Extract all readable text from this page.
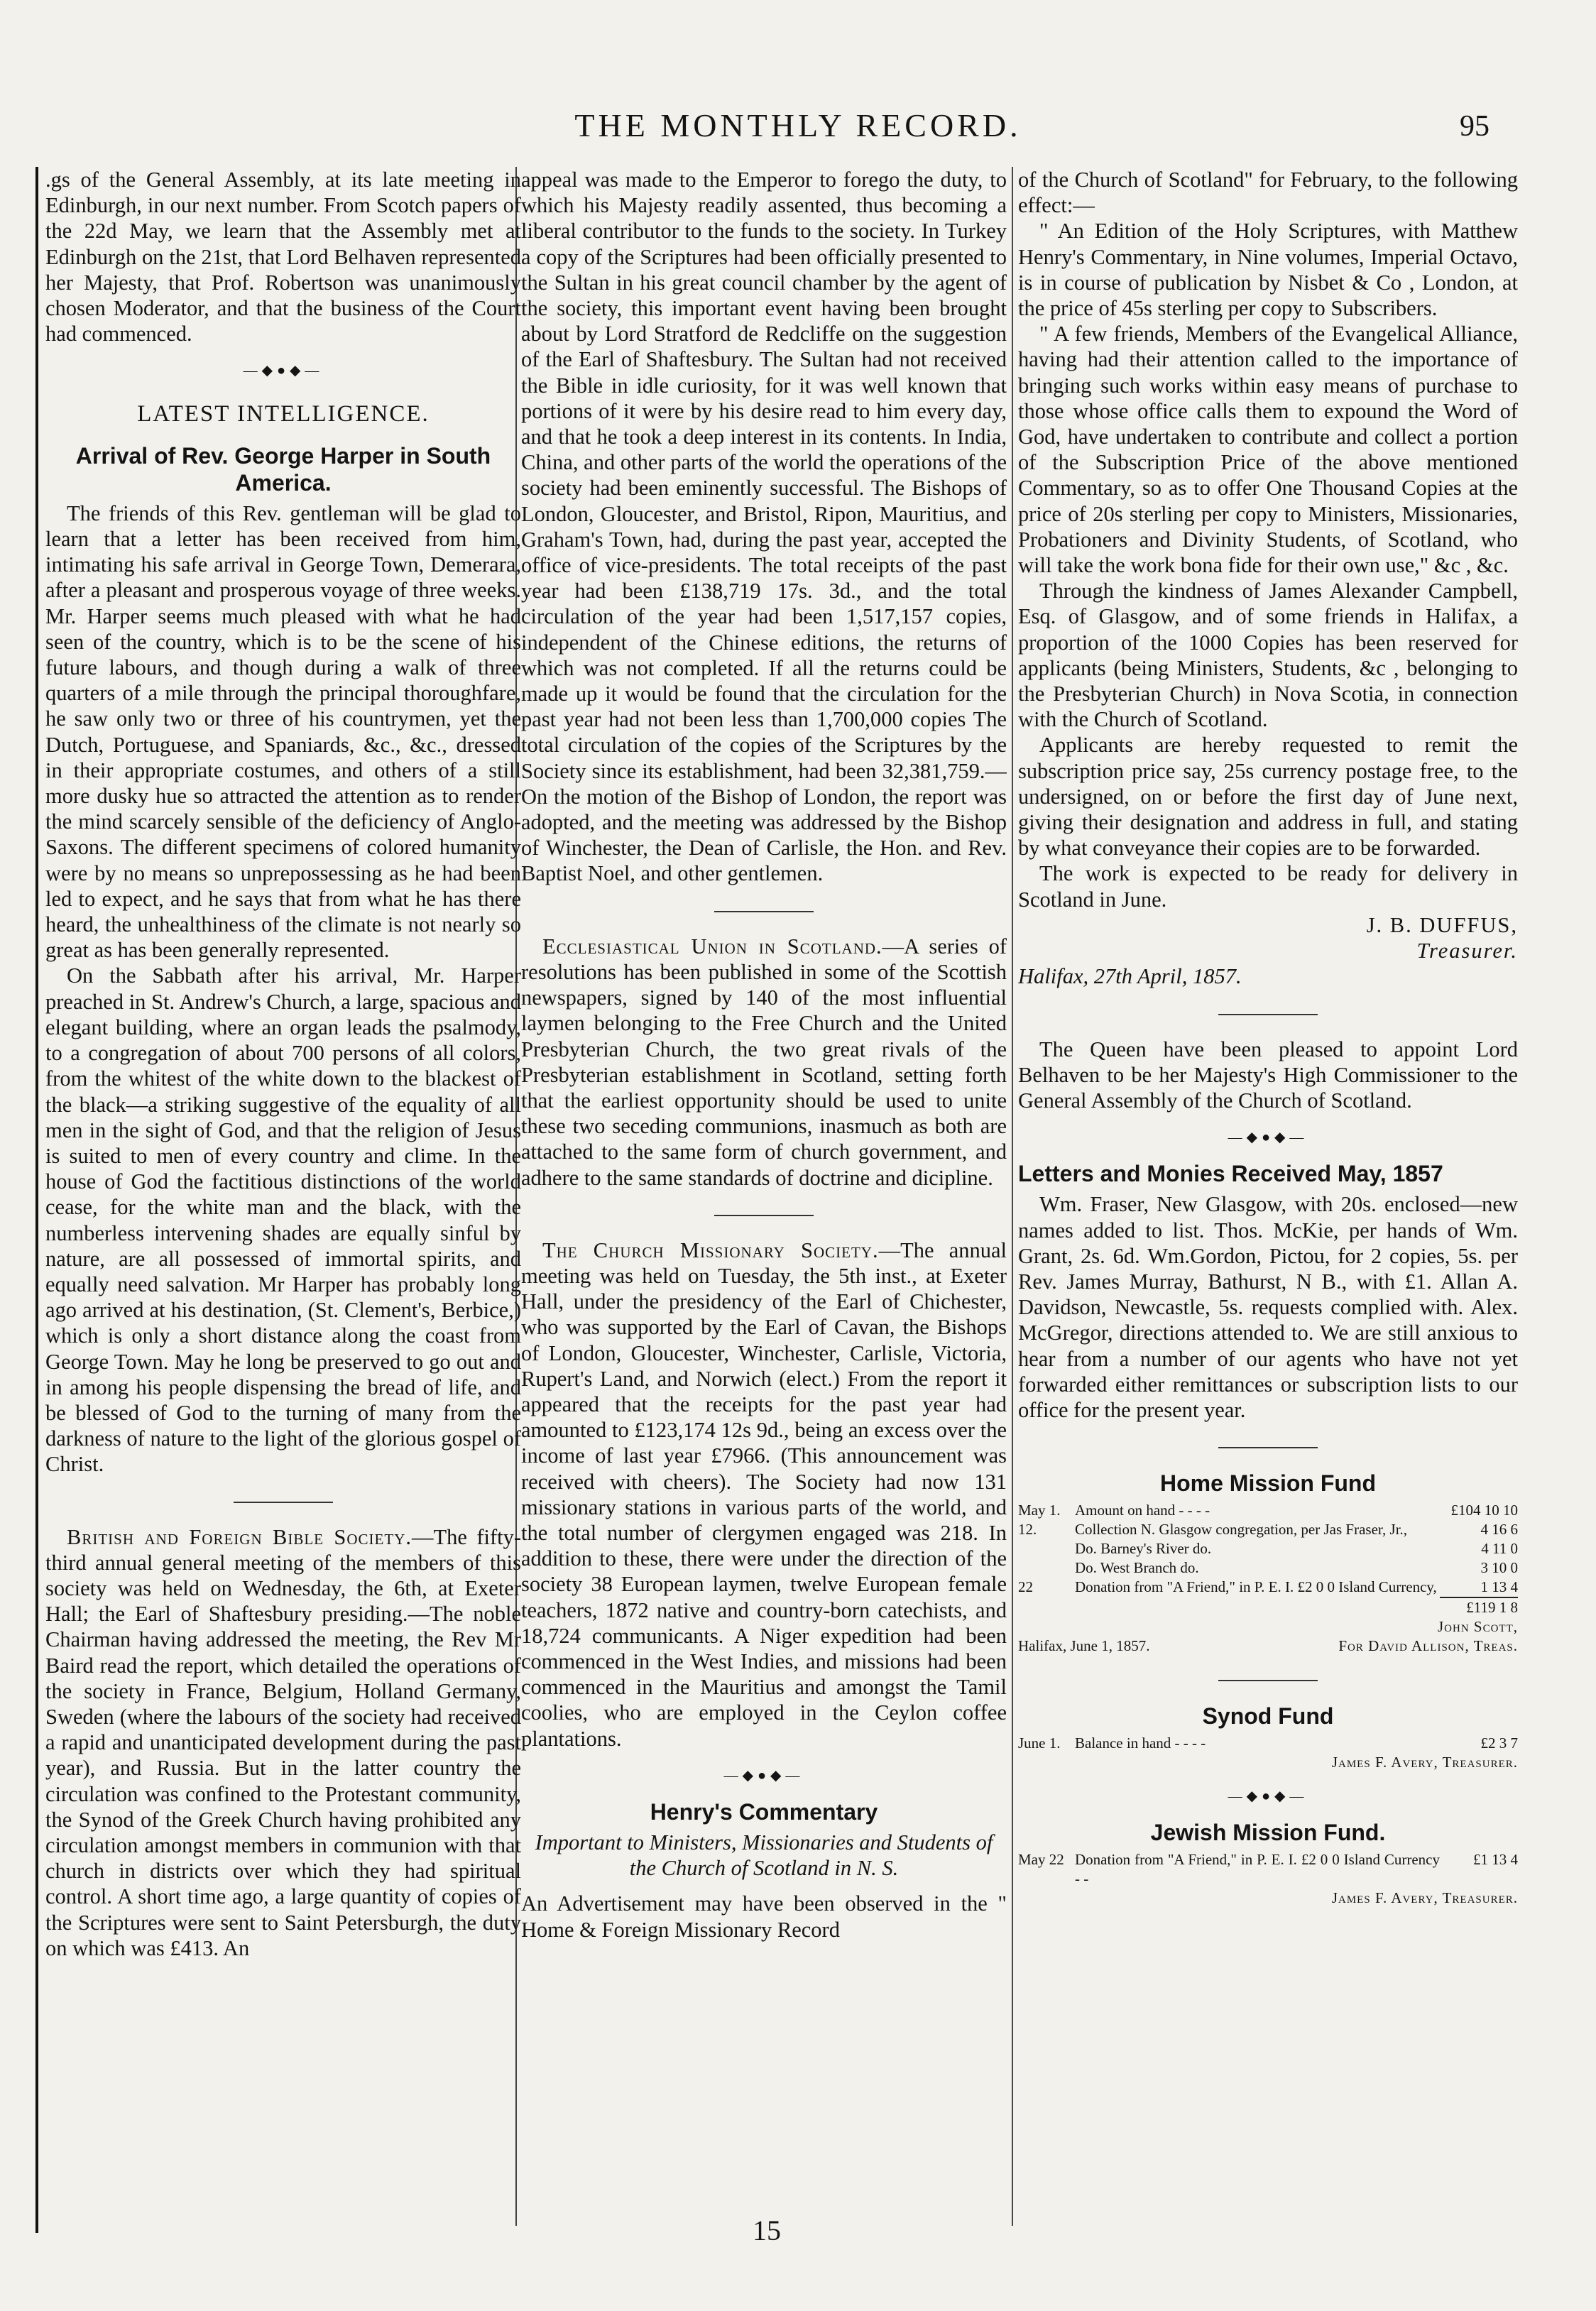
THE MONTHLY RECORD.	95

.gs of the General Assembly, at its late meeting in Edinburgh, in our next number. From Scotch papers of the 22d May, we learn that the Assembly met at Edinburgh on the 21st, that Lord Belhaven represented her Majesty, that Prof. Robertson was unanimously chosen Moderator, and that the business of the Court had commenced.

—◆●◆—
LATEST INTELLIGENCE.
Arrival of Rev. George Harper in South America.

The friends of this Rev. gentleman will be glad to learn that a letter has been received from him, intimating his safe arrival in George Town, Demerara, after a pleasant and prosperous voyage of three weeks. Mr. Harper seems much pleased with what he had seen of the country, which is to be the scene of his future labours, and though during a walk of three quarters of a mile through the principal thoroughfare, he saw only two or three of his countrymen, yet the Dutch, Portuguese, and Spaniards, &c., &c., dressed in their appropriate costumes, and others of a still more dusky hue so attracted the attention as to render the mind scarcely sensible of the deficiency of Anglo-Saxons. The different specimens of colored humanity were by no means so unprepossessing as he had been led to expect, and he says that from what he has there heard, the unhealthiness of the climate is not nearly so great as has been generally represented.

On the Sabbath after his arrival, Mr. Harper preached in St. Andrew's Church, a large, spacious and elegant building, where an organ leads the psalmody, to a congregation of about 700 persons of all colors, from the whitest of the white down to the blackest of the black—a striking suggestive of the equality of all men in the sight of God, and that the religion of Jesus is suited to men of every country and clime. In the house of God the factitious distinctions of the world cease, for the white man and the black, with the numberless intervening shades are equally sinful by nature, are all possessed of immortal spirits, and equally need salvation. Mr Harper has probably long ago arrived at his destination, (St. Clement's, Berbice,) which is only a short distance along the coast from George Town. May he long be preserved to go out and in among his people dispensing the bread of life, and be blessed of God to the turning of many from the darkness of nature to the light of the glorious gospel of Christ.

British and Foreign Bible Society.—The fifty-third annual general meeting of the members of this society was held on Wednesday, the 6th, at Exeter Hall; the Earl of Shaftesbury presiding.—The noble Chairman having addressed the meeting, the Rev Mr Baird read the report, which detailed the operations of the society in France, Belgium, Holland Germany, Sweden (where the labours of the society had received a rapid and unanticipated development during the past year), and Russia. But in the latter country the circulation was confined to the Protestant community, the Synod of the Greek Church having prohibited any circulation amongst members in communion with that church in districts over which they had spiritual control. A short time ago, a large quantity of copies of the Scriptures were sent to Saint Petersburgh, the duty on which was £413. An

appeal was made to the Emperor to forego the duty, to which his Majesty readily assented, thus becoming a liberal contributor to the funds to the society. In Turkey a copy of the Scriptures had been officially presented to the Sultan in his great council chamber by the agent of the society, this important event having been brought about by Lord Stratford de Redcliffe on the suggestion of the Earl of Shaftesbury. The Sultan had not received the Bible in idle curiosity, for it was well known that portions of it were by his desire read to him every day, and that he took a deep interest in its contents. In India, China, and other parts of the world the operations of the society had been eminently successful. The Bishops of London, Gloucester, and Bristol, Ripon, Mauritius, and Graham's Town, had, during the past year, accepted the office of vice-presidents. The total receipts of the past year had been £138,719 17s. 3d., and the total circulation of the year had been 1,517,157 copies, independent of the Chinese editions, the returns of which was not completed. If all the returns could be made up it would be found that the circulation for the past year had not been less than 1,700,000 copies The total circulation of the copies of the Scriptures by the Society since its establishment, had been 32,381,759.—On the motion of the Bishop of London, the report was adopted, and the meeting was addressed by the Bishop of Winchester, the Dean of Carlisle, the Hon. and Rev. Baptist Noel, and other gentlemen.

Ecclesiastical Union in Scotland.—A series of resolutions has been published in some of the Scottish newspapers, signed by 140 of the most influential laymen belonging to the Free Church and the United Presbyterian Church, the two great rivals of the Presbyterian establishment in Scotland, setting forth that the earliest opportunity should be used to unite these two seceding communions, inasmuch as both are attached to the same form of church government, and adhere to the same standards of doctrine and dicipline.

The Church Missionary Society.—The annual meeting was held on Tuesday, the 5th inst., at Exeter Hall, under the presidency of the Earl of Chichester, who was supported by the Earl of Cavan, the Bishops of London, Gloucester, Winchester, Carlisle, Victoria, Rupert's Land, and Norwich (elect.) From the report it appeared that the receipts for the past year had amounted to £123,174 12s 9d., being an excess over the income of last year £7966. (This announcement was received with cheers). The Society had now 131 missionary stations in various parts of the world, and the total number of clergymen engaged was 218. In addition to these, there were under the direction of the society 38 European laymen, twelve European female teachers, 1872 native and country-born catechists, and 18,724 communicants. A Niger expedition had been commenced in the West Indies, and missions had been commenced in the Mauritius and amongst the Tamil coolies, who are employed in the Ceylon coffee plantations.

—◆●◆—
Henry's Commentary

Important to Ministers, Missionaries and Students of the Church of Scotland in N. S.

An Advertisement may have been observed in the " Home & Foreign Missionary Record

of the Church of Scotland" for February, to the following effect:—

" An Edition of the Holy Scriptures, with Matthew Henry's Commentary, in Nine volumes, Imperial Octavo, is in course of publication by Nisbet & Co , London, at the price of 45s sterling per copy to Subscribers.

" A few friends, Members of the Evangelical Alliance, having had their attention called to the importance of bringing such works within easy means of purchase to those whose office calls them to expound the Word of God, have undertaken to contribute and collect a portion of the Subscription Price of the above mentioned Commentary, so as to offer One Thousand Copies at the price of 20s sterling per copy to Ministers, Missionaries, Probationers and Divinity Students, of Scotland, who will take the work bona fide for their own use," &c , &c.

Through the kindness of James Alexander Campbell, Esq. of Glasgow, and of some friends in Halifax, a proportion of the 1000 Copies has been reserved for applicants (being Ministers, Students, &c , belonging to the Presbyterian Church) in Nova Scotia, in connection with the Church of Scotland.

Applicants are hereby requested to remit the subscription price say, 25s currency postage free, to the undersigned, on or before the first day of June next, giving their designation and address in full, and stating by what conveyance their copies are to be forwarded.

The work is expected to be ready for delivery in Scotland in June.

J. B. DUFFUS,
Treasurer.

Halifax, 27th April, 1857.

The Queen have been pleased to appoint Lord Belhaven to be her Majesty's High Commissioner to the General Assembly of the Church of Scotland.

—◆●◆—
Letters and Monies Received May, 1857

Wm. Fraser, New Glasgow, with 20s. enclosed—new names added to list. Thos. McKie, per hands of Wm. Grant, 2s. 6d. Wm.Gordon, Pictou, for 2 copies, 5s. per Rev. James Murray, Bathurst, N B., with £1. Allan A. Davidson, Newcastle, 5s. requests complied with. Alex. McGregor, directions attended to. We are still anxious to hear from a number of our agents who have not yet forwarded either remittances or subscription lists to our office for the present year.

Home Mission Fund
May 1.	Amount on hand - - - -	£104 10 10
12.	Collection N. Glasgow congregation, per Jas Fraser, Jr.,	4 16 6
	Do. Barney's River do.	4 11 0
	Do. West Branch do.	3 10 0
22	Donation from "A Friend," in P. E. I. £2 0 0 Island Currency,	1 13 4
		£119 1 8
John Scott,
Halifax, June 1, 1857.	For David Allison, Treas.
Synod Fund
June 1.	Balance in hand - - - -	£2 3 7
James F. Avery, Treasurer.
—◆●◆—
Jewish Mission Fund.
May 22	Donation from "A Friend," in P. E. I. £2 0 0 Island Currency - -	£1 13 4
James F. Avery, Treasurer.
15
